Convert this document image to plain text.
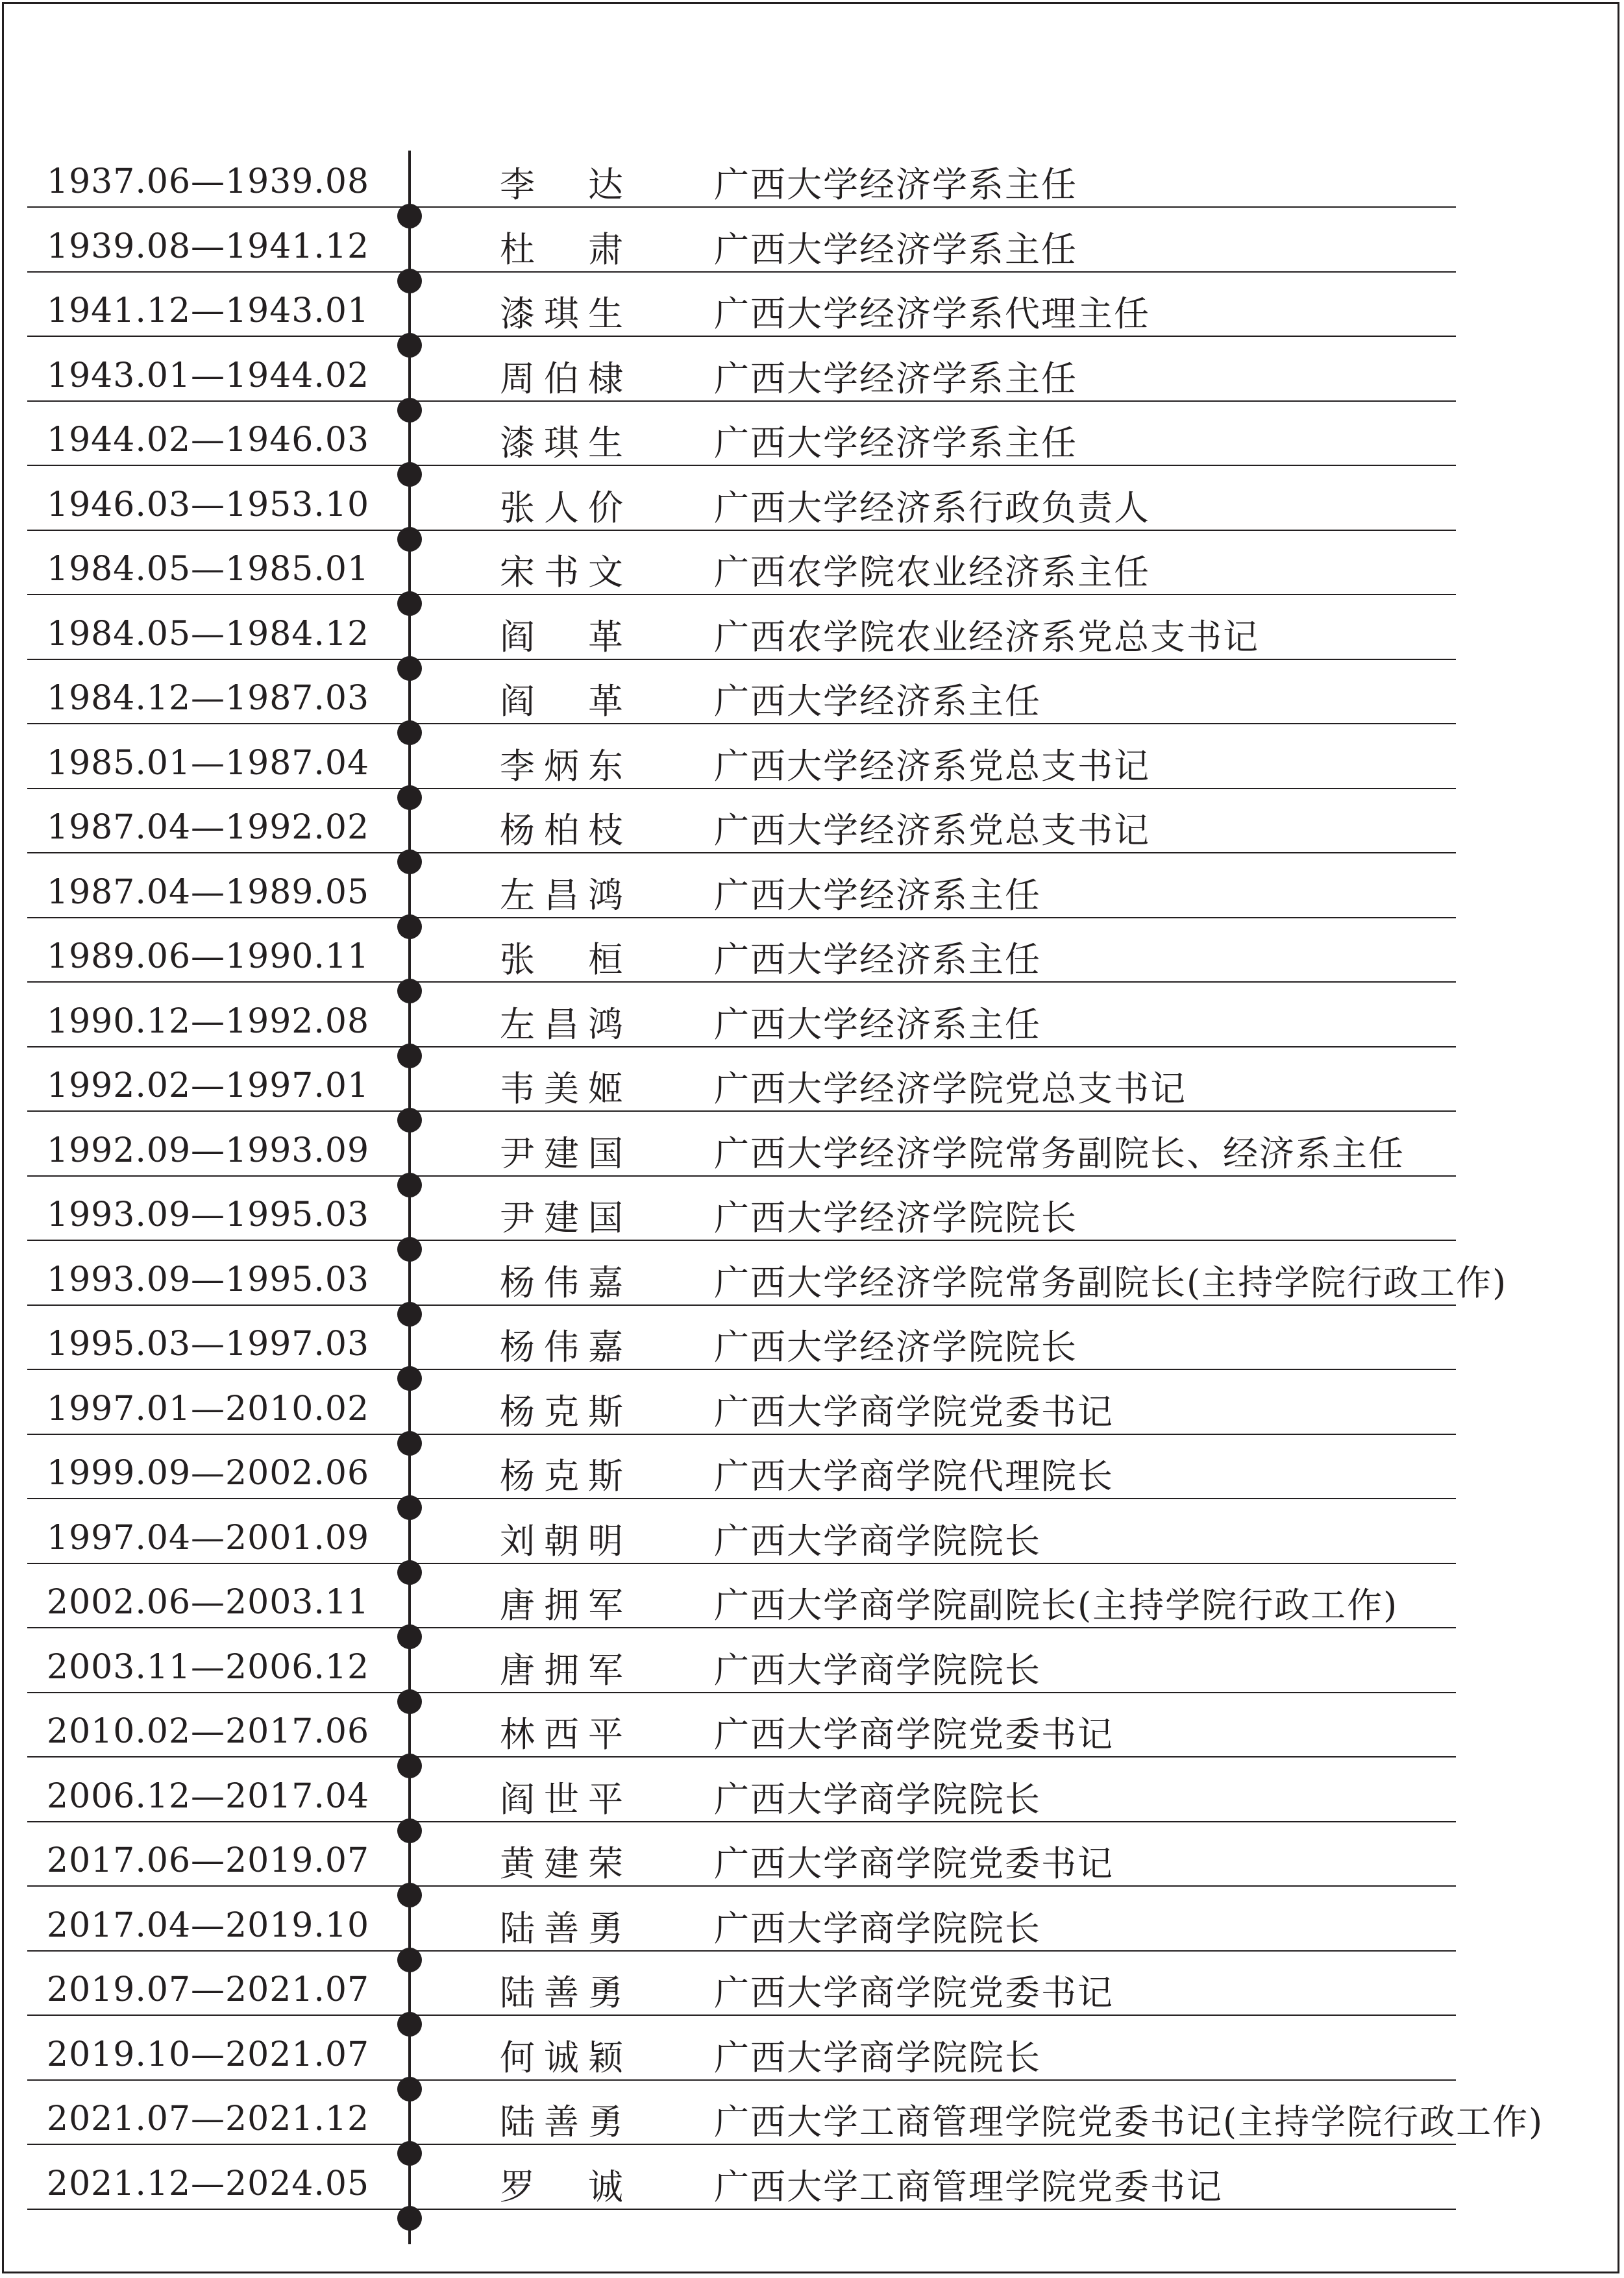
1937.06—1939.08	李 达	广西大学经济学系主任
1939.08—1941.12	杜 肃	广西大学经济学系主任
1941.12—1943.01	漆琪生	广西大学经济学系代理主任
1943.01—1944.02	周伯棣	广西大学经济学系主任
1944.02—1946.03	漆琪生	广西大学经济学系主任
1946.03—1953.10	张人价	广西大学经济系行政负责人
1984.05—1985.01	宋书文	广西农学院农业经济系主任
1984.05—1984.12	阎 革	广西农学院农业经济系党总支书记
1984.12—1987.03	阎 革	广西大学经济系主任
1985.01—1987.04	李炳东	广西大学经济系党总支书记
1987.04—1992.02	杨柏枝	广西大学经济系党总支书记
1987.04—1989.05	左昌鸿	广西大学经济系主任
1989.06—1990.11	张 桓	广西大学经济系主任
1990.12—1992.08	左昌鸿	广西大学经济系主任
1992.02—1997.01	韦美姬	广西大学经济学院党总支书记
1992.09—1993.09	尹建国	广西大学经济学院常务副院长、经济系主任
1993.09—1995.03	尹建国	广西大学经济学院院长
1993.09—1995.03	杨伟嘉	广西大学经济学院常务副院长(主持学院行政工作)
1995.03—1997.03	杨伟嘉	广西大学经济学院院长
1997.01—2010.02	杨克斯	广西大学商学院党委书记
1999.09—2002.06	杨克斯	广西大学商学院代理院长
1997.04—2001.09	刘朝明	广西大学商学院院长
2002.06—2003.11	唐拥军	广西大学商学院副院长(主持学院行政工作)
2003.11—2006.12	唐拥军	广西大学商学院院长
2010.02—2017.06	林西平	广西大学商学院党委书记
2006.12—2017.04	阎世平	广西大学商学院院长
2017.06—2019.07	黄建荣	广西大学商学院党委书记
2017.04—2019.10	陆善勇	广西大学商学院院长
2019.07—2021.07	陆善勇	广西大学商学院党委书记
2019.10—2021.07	何诚颖	广西大学商学院院长
2021.07—2021.12	陆善勇	广西大学工商管理学院党委书记(主持学院行政工作)
2021.12—2024.05	罗 诚	广西大学工商管理学院党委书记
